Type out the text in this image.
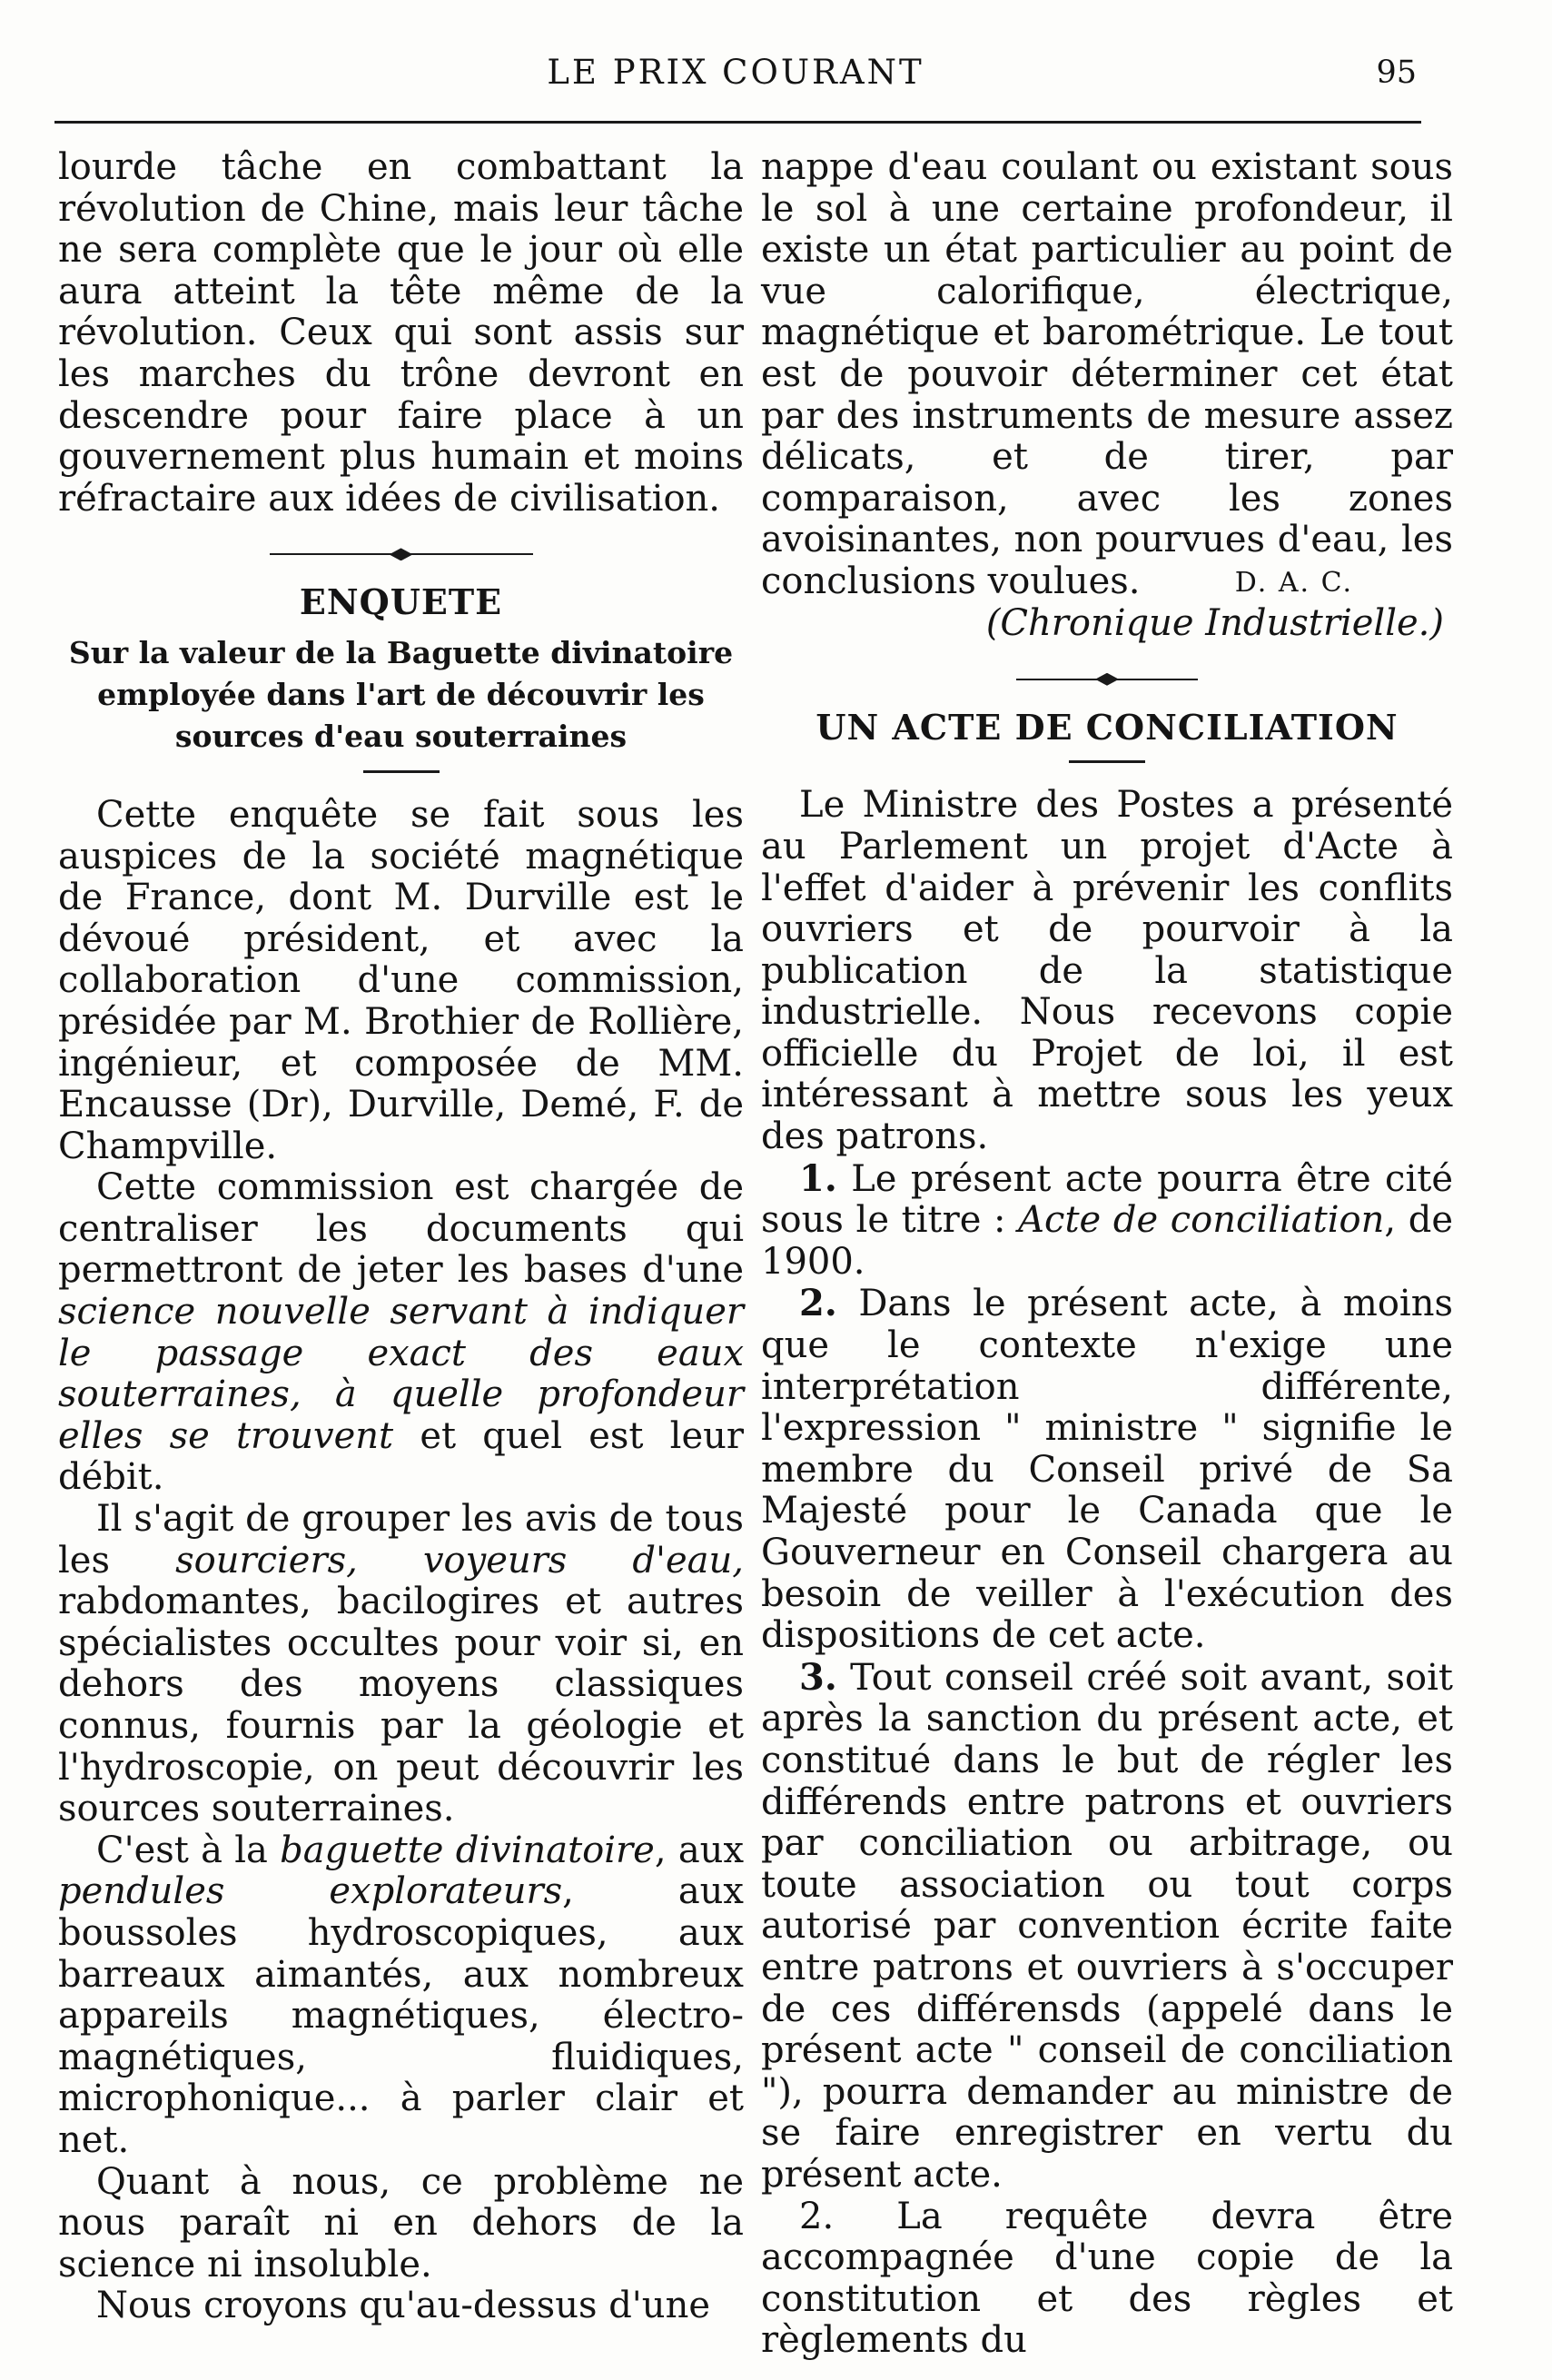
LE PRIX COURANT	95

lourde tâche en combattant la révolution de Chine, mais leur tâche ne sera complète que le jour où elle aura atteint la tête même de la révolution. Ceux qui sont assis sur les marches du trône devront en descendre pour faire place à un gouvernement plus humain et moins réfractaire aux idées de civilisation.

ENQUETE

Sur la valeur de la Baguette divinatoire employée dans l'art de découvrir les sources d'eau souterraines

Cette enquête se fait sous les auspices de la société magnétique de France, dont M. Durville est le dévoué président, et avec la collaboration d'une commission, présidée par M. Brothier de Rollière, ingénieur, et composée de MM. Encausse (Dr), Durville, Demé, F. de Champville.

Cette commission est chargée de centraliser les documents qui permettront de jeter les bases d'une science nouvelle servant à indiquer le passage exact des eaux souterraines, à quelle profondeur elles se trouvent et quel est leur débit.

Il s'agit de grouper les avis de tous les sourciers, voyeurs d'eau, rabdomantes, bacilogires et autres spécialistes occultes pour voir si, en dehors des moyens classiques connus, fournis par la géologie et l'hydroscopie, on peut découvrir les sources souterraines.

C'est à la baguette divinatoire, aux pendules explorateurs, aux boussoles hydroscopiques, aux barreaux aimantés, aux nombreux appareils magnétiques, électro-magnétiques, fluidiques, microphonique... à parler clair et net.

Quant à nous, ce problème ne nous paraît ni en dehors de la science ni insoluble.

Nous croyons qu'au-dessus d'une

nappe d'eau coulant ou existant sous le sol à une certaine profondeur, il existe un état particulier au point de vue calorifique, électrique, magnétique et barométrique. Le tout est de pouvoir déterminer cet état par des instruments de mesure assez délicats, et de tirer, par comparaison, avec les zones avoisinantes, non pourvues d'eau, les conclusions voulues.	D. A. C.
(Chronique Industrielle.)
UN ACTE DE CONCILIATION

Le Ministre des Postes a présenté au Parlement un projet d'Acte à l'effet d'aider à prévenir les conflits ouvriers et de pourvoir à la publication de la statistique industrielle. Nous recevons copie officielle du Projet de loi, il est intéressant à mettre sous les yeux des patrons.

1. Le présent acte pourra être cité sous le titre : Acte de conciliation, de 1900.

2. Dans le présent acte, à moins que le contexte n'exige une interprétation différente, l'expression " ministre " signifie le membre du Conseil privé de Sa Majesté pour le Canada que le Gouverneur en Conseil chargera au besoin de veiller à l'exécution des dispositions de cet acte.

3. Tout conseil créé soit avant, soit après la sanction du présent acte, et constitué dans le but de régler les différends entre patrons et ouvriers par conciliation ou arbitrage, ou toute association ou tout corps autorisé par convention écrite faite entre patrons et ouvriers à s'occuper de ces différensds (appelé dans le présent acte " conseil de conciliation "), pourra demander au ministre de se faire enregistrer en vertu du présent acte.

2. La requête devra être accompagnée d'une copie de la constitution et des règles et règlements du
